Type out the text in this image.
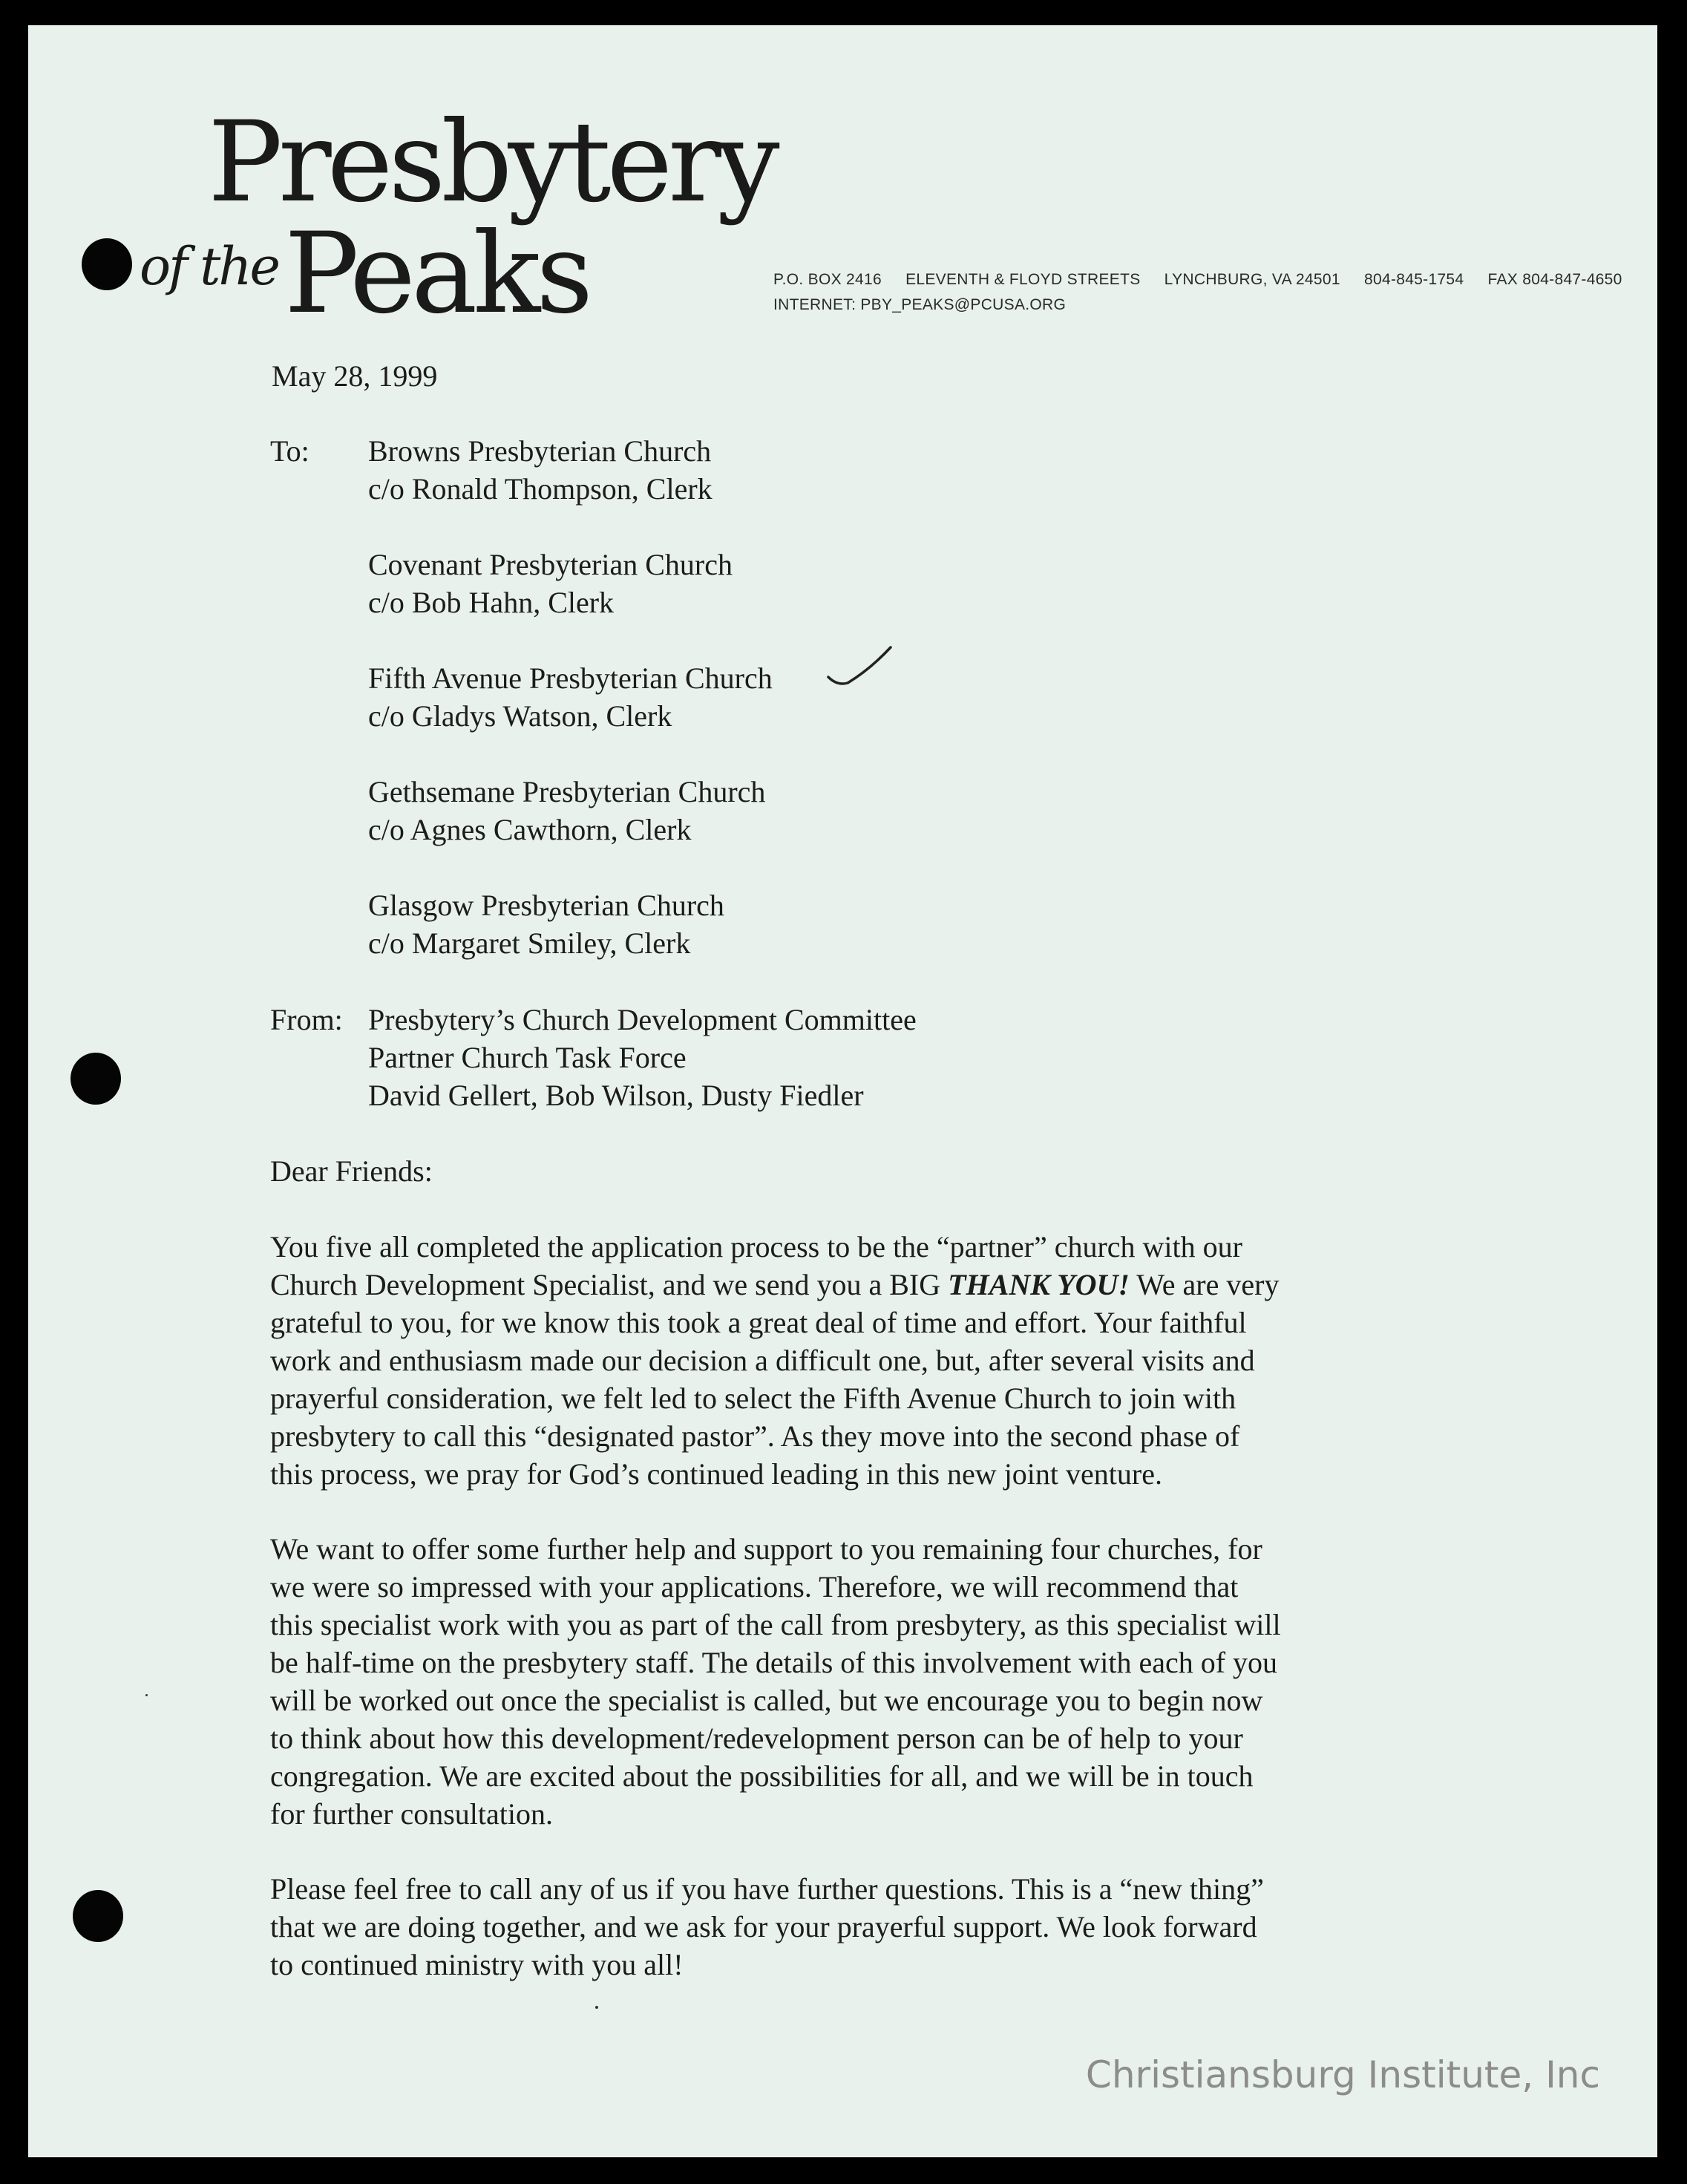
Presbytery
of the Peaks	P.O. BOX 2416 ELEVENTH & FLOYD STREETS LYNCHBURG, VA 24501 804-845-1754 FAX 804-847-4650
INTERNET: PBY_PEAKS@PCUSA.ORG
May 28, 1999
To: Browns Presbyterian Church
c/o Ronald Thompson, Clerk
Covenant Presbyterian Church
c/o Bob Hahn, Clerk
Fifth Avenue Presbyterian Church
c/o Gladys Watson, Clerk
Gethsemane Presbyterian Church
c/o Agnes Cawthorn, Clerk
Glasgow Presbyterian Church
c/o Margaret Smiley, Clerk
From: Presbytery’s Church Development Committee
Partner Church Task Force
David Gellert, Bob Wilson, Dusty Fiedler
Dear Friends:
You five all completed the application process to be the “partner” church with our
Church Development Specialist, and we send you a BIG THANK YOU! We are very
grateful to you, for we know this took a great deal of time and effort. Your faithful
work and enthusiasm made our decision a difficult one, but, after several visits and
prayerful consideration, we felt led to select the Fifth Avenue Church to join with
presbytery to call this “designated pastor”. As they move into the second phase of
this process, we pray for God’s continued leading in this new joint venture.
We want to offer some further help and support to you remaining four churches, for
we were so impressed with your applications. Therefore, we will recommend that
this specialist work with you as part of the call from presbytery, as this specialist will
be half-time on the presbytery staff. The details of this involvement with each of you
will be worked out once the specialist is called, but we encourage you to begin now
to think about how this development/redevelopment person can be of help to your
congregation. We are excited about the possibilities for all, and we will be in touch
for further consultation.
Please feel free to call any of us if you have further questions. This is a “new thing”
that we are doing together, and we ask for your prayerful support. We look forward
to continued ministry with you all!
Christiansburg Institute, Inc
